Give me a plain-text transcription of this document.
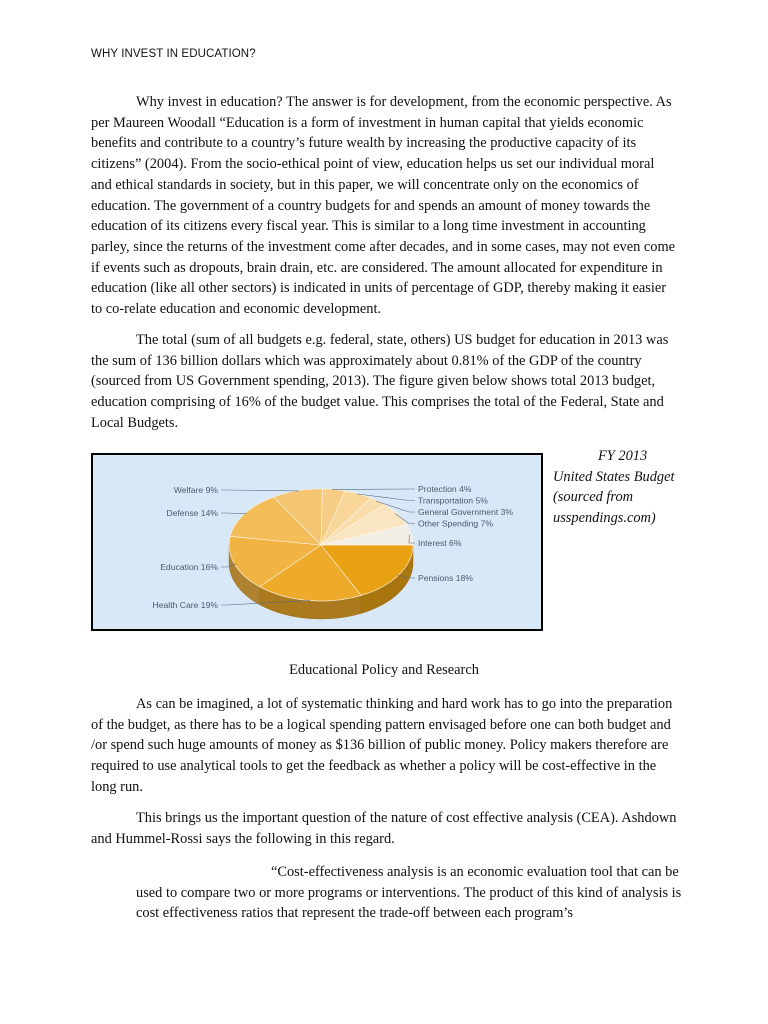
WHY INVEST IN EDUCATION?

Why invest in education? The answer is for development, from the economic perspective. As per Maureen Woodall “Education is a form of investment in human capital that yields economic benefits and contribute to a country’s future wealth by increasing the productive capacity of its citizens” (2004). From the socio-ethical point of view, education helps us set our individual moral and ethical standards in society, but in this paper, we will concentrate only on the economics of education. The government of a country budgets for and spends an amount of money towards the education of its citizens every fiscal year. This is similar to a long time investment in accounting parley, since the returns of the investment come after decades, and in some cases, may not even come if events such as dropouts, brain drain, etc. are considered. The amount allocated for expenditure in education (like all other sectors) is indicated in units of percentage of GDP, thereby making it easier to co-relate education and economic development.

The total (sum of all budgets e.g. federal, state, others) US budget for education in 2013 was the sum of 136 billion dollars which was approximately about 0.81% of the GDP of the country (sourced from US Government spending, 2013). The figure given below shows total 2013 budget, education comprising of 16% of the budget value. This comprises the total of the Federal, State and Local Budgets.

Pensions 18%
Health Care 19%
Education 16%
Defense 14%
Welfare 9%	Protection 4%
Transportation 5%
General Government 3%
Other Spending 7%
Interest 6%
FY 2013
United States Budget (sourced from usspendings.com)
Educational Policy and Research

As can be imagined, a lot of systematic thinking and hard work has to go into the preparation of the budget, as there has to be a logical spending pattern envisaged before one can both budget and /or spend such huge amounts of money as $136 billion of public money. Policy makers therefore are required to use analytical tools to get the feedback as whether a policy will be cost-effective in the long run.

This brings us the important question of the nature of cost effective analysis (CEA). Ashdown and Hummel-Rossi says the following in this regard.

“Cost-effectiveness analysis is an economic evaluation tool that can be used to compare two or more programs or interventions. The product of this kind of analysis is cost effectiveness ratios that represent the trade-off between each program’s
